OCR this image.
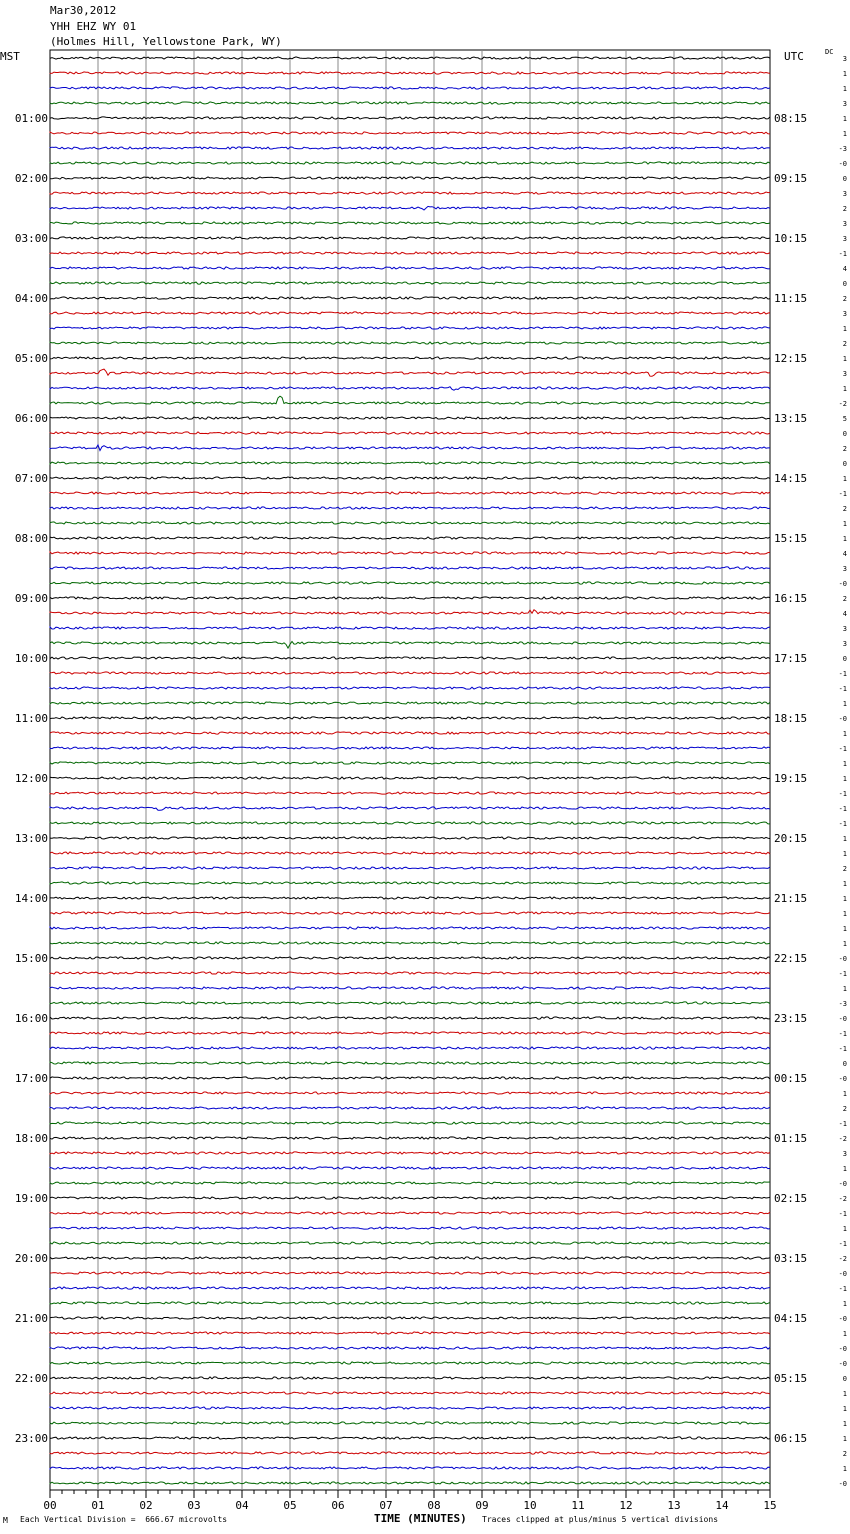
Mar30,2012
YHH EHZ WY 01
(Holmes Hill, Yellowstone Park, WY)
MST	UTC	DC
3
1
1
3
1
1
-3
-0
0
3
2
3
3
-1
4
0
2
3
1
2
1
3
1
-2
5
0
2
0
1
-1
2
1
1
4
3
-0
2
4
3
3
0
-1
-1
1
-0
1
-1
1
1
-1
-1
-1
1
1
2
1
1
1
1
1
-0
-1
1
-3
-0
-1
-1
0
-0
1
2
-1
-2
3
1
-0
-2
-1
1
-1
-2
-0
-1
1
-0
1
-0
-0
0
1
1
1
1
2
1
-0
01:00	08:15
02:00	09:15
03:00	10:15
04:00	11:15
05:00	12:15
06:00	13:15
07:00	14:15
08:00	15:15
09:00	16:15
10:00	17:15
11:00	18:15
12:00	19:15
13:00	20:15
14:00	21:15
15:00	22:15
16:00	23:15
17:00	00:15
18:00	01:15
19:00	02:15
20:00	03:15
21:00	04:15
22:00	05:15
23:00	06:15
00	01	02	03	04	05	06	07	08	09	10	11	12	13	14	15
M Each Vertical Division =  666.67 microvolts	TIME (MINUTES) Traces clipped at plus/minus 5 vertical divisions
